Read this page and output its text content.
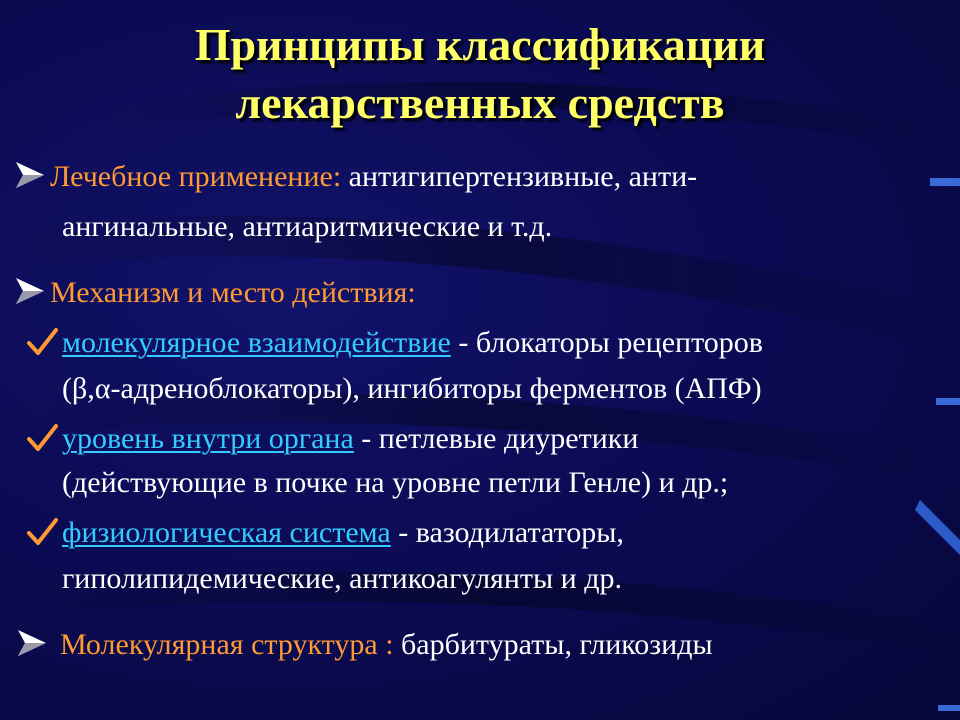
Принципы классификации
лекарственных средств
Лечебное применение: антигипертензивные, анти-
ангинальные, антиаритмические и т.д.
Механизм и место действия:
молекулярное взаимодействие - блокаторы рецепторов
(β,α-адреноблокаторы), ингибиторы ферментов (АПФ)
уровень внутри органа - петлевые диуретики
(действующие в почке на уровне петли Генле) и др.;
физиологическая система - вазодилататоры,
гиполипидемические, антикоагулянты и др.
Молекулярная структура : барбитураты, гликозиды
